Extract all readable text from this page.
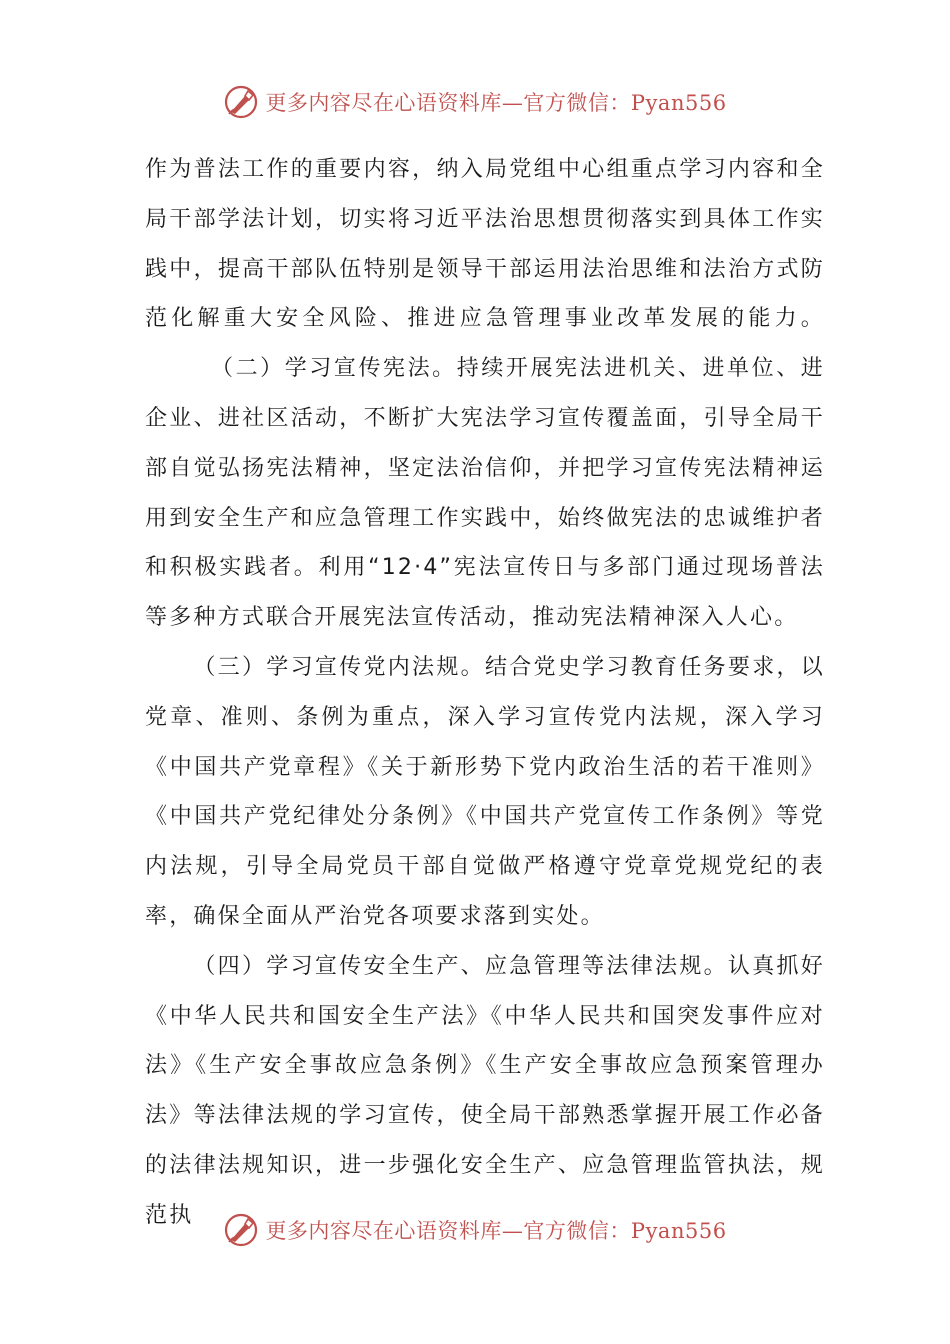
更多内容尽在心语资料库—官方微信：Pyan556

作为普法工作的重要内容，纳入局党组中心组重点学习内容和全局干部学法计划，切实将习近平法治思想贯彻落实到具体工作实践中，提高干部队伍特别是领导干部运用法治思维和法治方式防范化解重大安全风险、推进应急管理事业改革发展的能力。（二）学习宣传宪法。持续开展宪法进机关、进单位、进企业、进社区活动，不断扩大宪法学习宣传覆盖面，引导全局干部自觉弘扬宪法精神，坚定法治信仰，并把学习宣传宪法精神运用到安全生产和应急管理工作实践中，始终做宪法的忠诚维护者和积极实践者。利用“12·4”宪法宣传日与多部门通过现场普法等多种方式联合开展宪法宣传活动，推动宪法精神深入人心。

（三）学习宣传党内法规。结合党史学习教育任务要求，以党章、准则、条例为重点，深入学习宣传党内法规，深入学习《中国共产党章程》《关于新形势下党内政治生活的若干准则》《中国共产党纪律处分条例》《中国共产党宣传工作条例》等党内法规，引导全局党员干部自觉做严格遵守党章党规党纪的表率，确保全面从严治党各项要求落到实处。

（四）学习宣传安全生产、应急管理等法律法规。认真抓好《中华人民共和国安全生产法》《中华人民共和国突发事件应对法》《生产安全事故应急条例》《生产安全事故应急预案管理办法》等法律法规的学习宣传，使全局干部熟悉掌握开展工作必备的法律法规知识，进一步强化安全生产、应急管理监管执法，规范执

更多内容尽在心语资料库—官方微信：Pyan556
